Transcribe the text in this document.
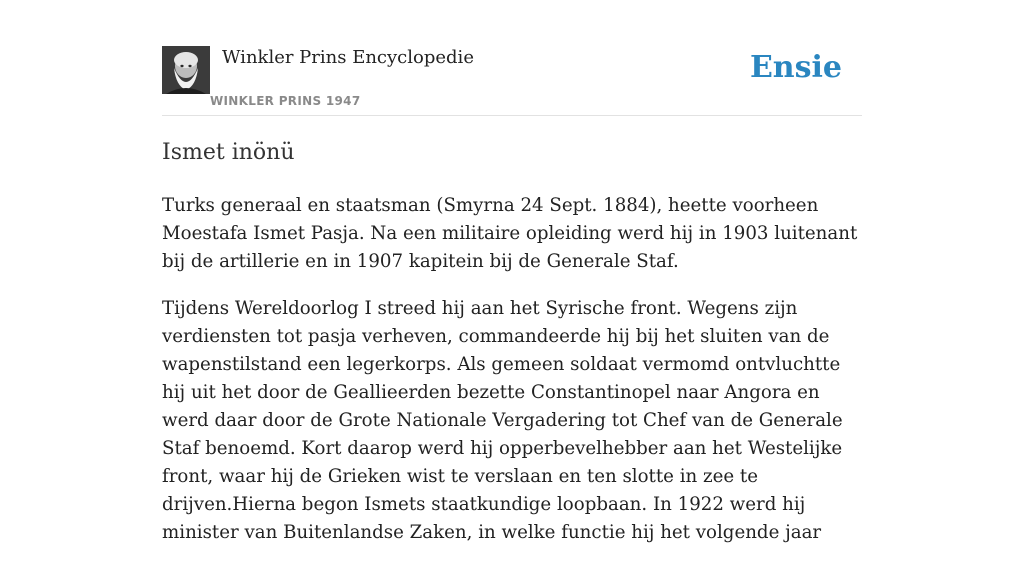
Winkler Prins Encyclopedie
WINKLER PRINS 1947
Ensie
Ismet inönü

Turks generaal en staatsman (Smyrna 24 Sept. 1884), heette voorheen Moestafa Ismet Pasja. Na een militaire opleiding werd hij in 1903 luitenant bij de artillerie en in 1907 kapitein bij de Generale Staf.

Tijdens Wereldoorlog I streed hij aan het Syrische front. Wegens zijn verdiensten tot pasja verheven, commandeerde hij bij het sluiten van de wapenstilstand een legerkorps. Als gemeen soldaat vermomd ontvluchtte hij uit het door de Geallieerden bezette Constantinopel naar Angora en werd daar door de Grote Nationale Vergadering tot Chef van de Generale Staf benoemd. Kort daarop werd hij opperbevelhebber aan het Westelijke front, waar hij de Grieken wist te verslaan en ten slotte in zee te drijven.Hierna begon Ismets staatkundige loopbaan. In 1922 werd hij minister van Buitenlandse Zaken, in welke functie hij het volgende jaar
